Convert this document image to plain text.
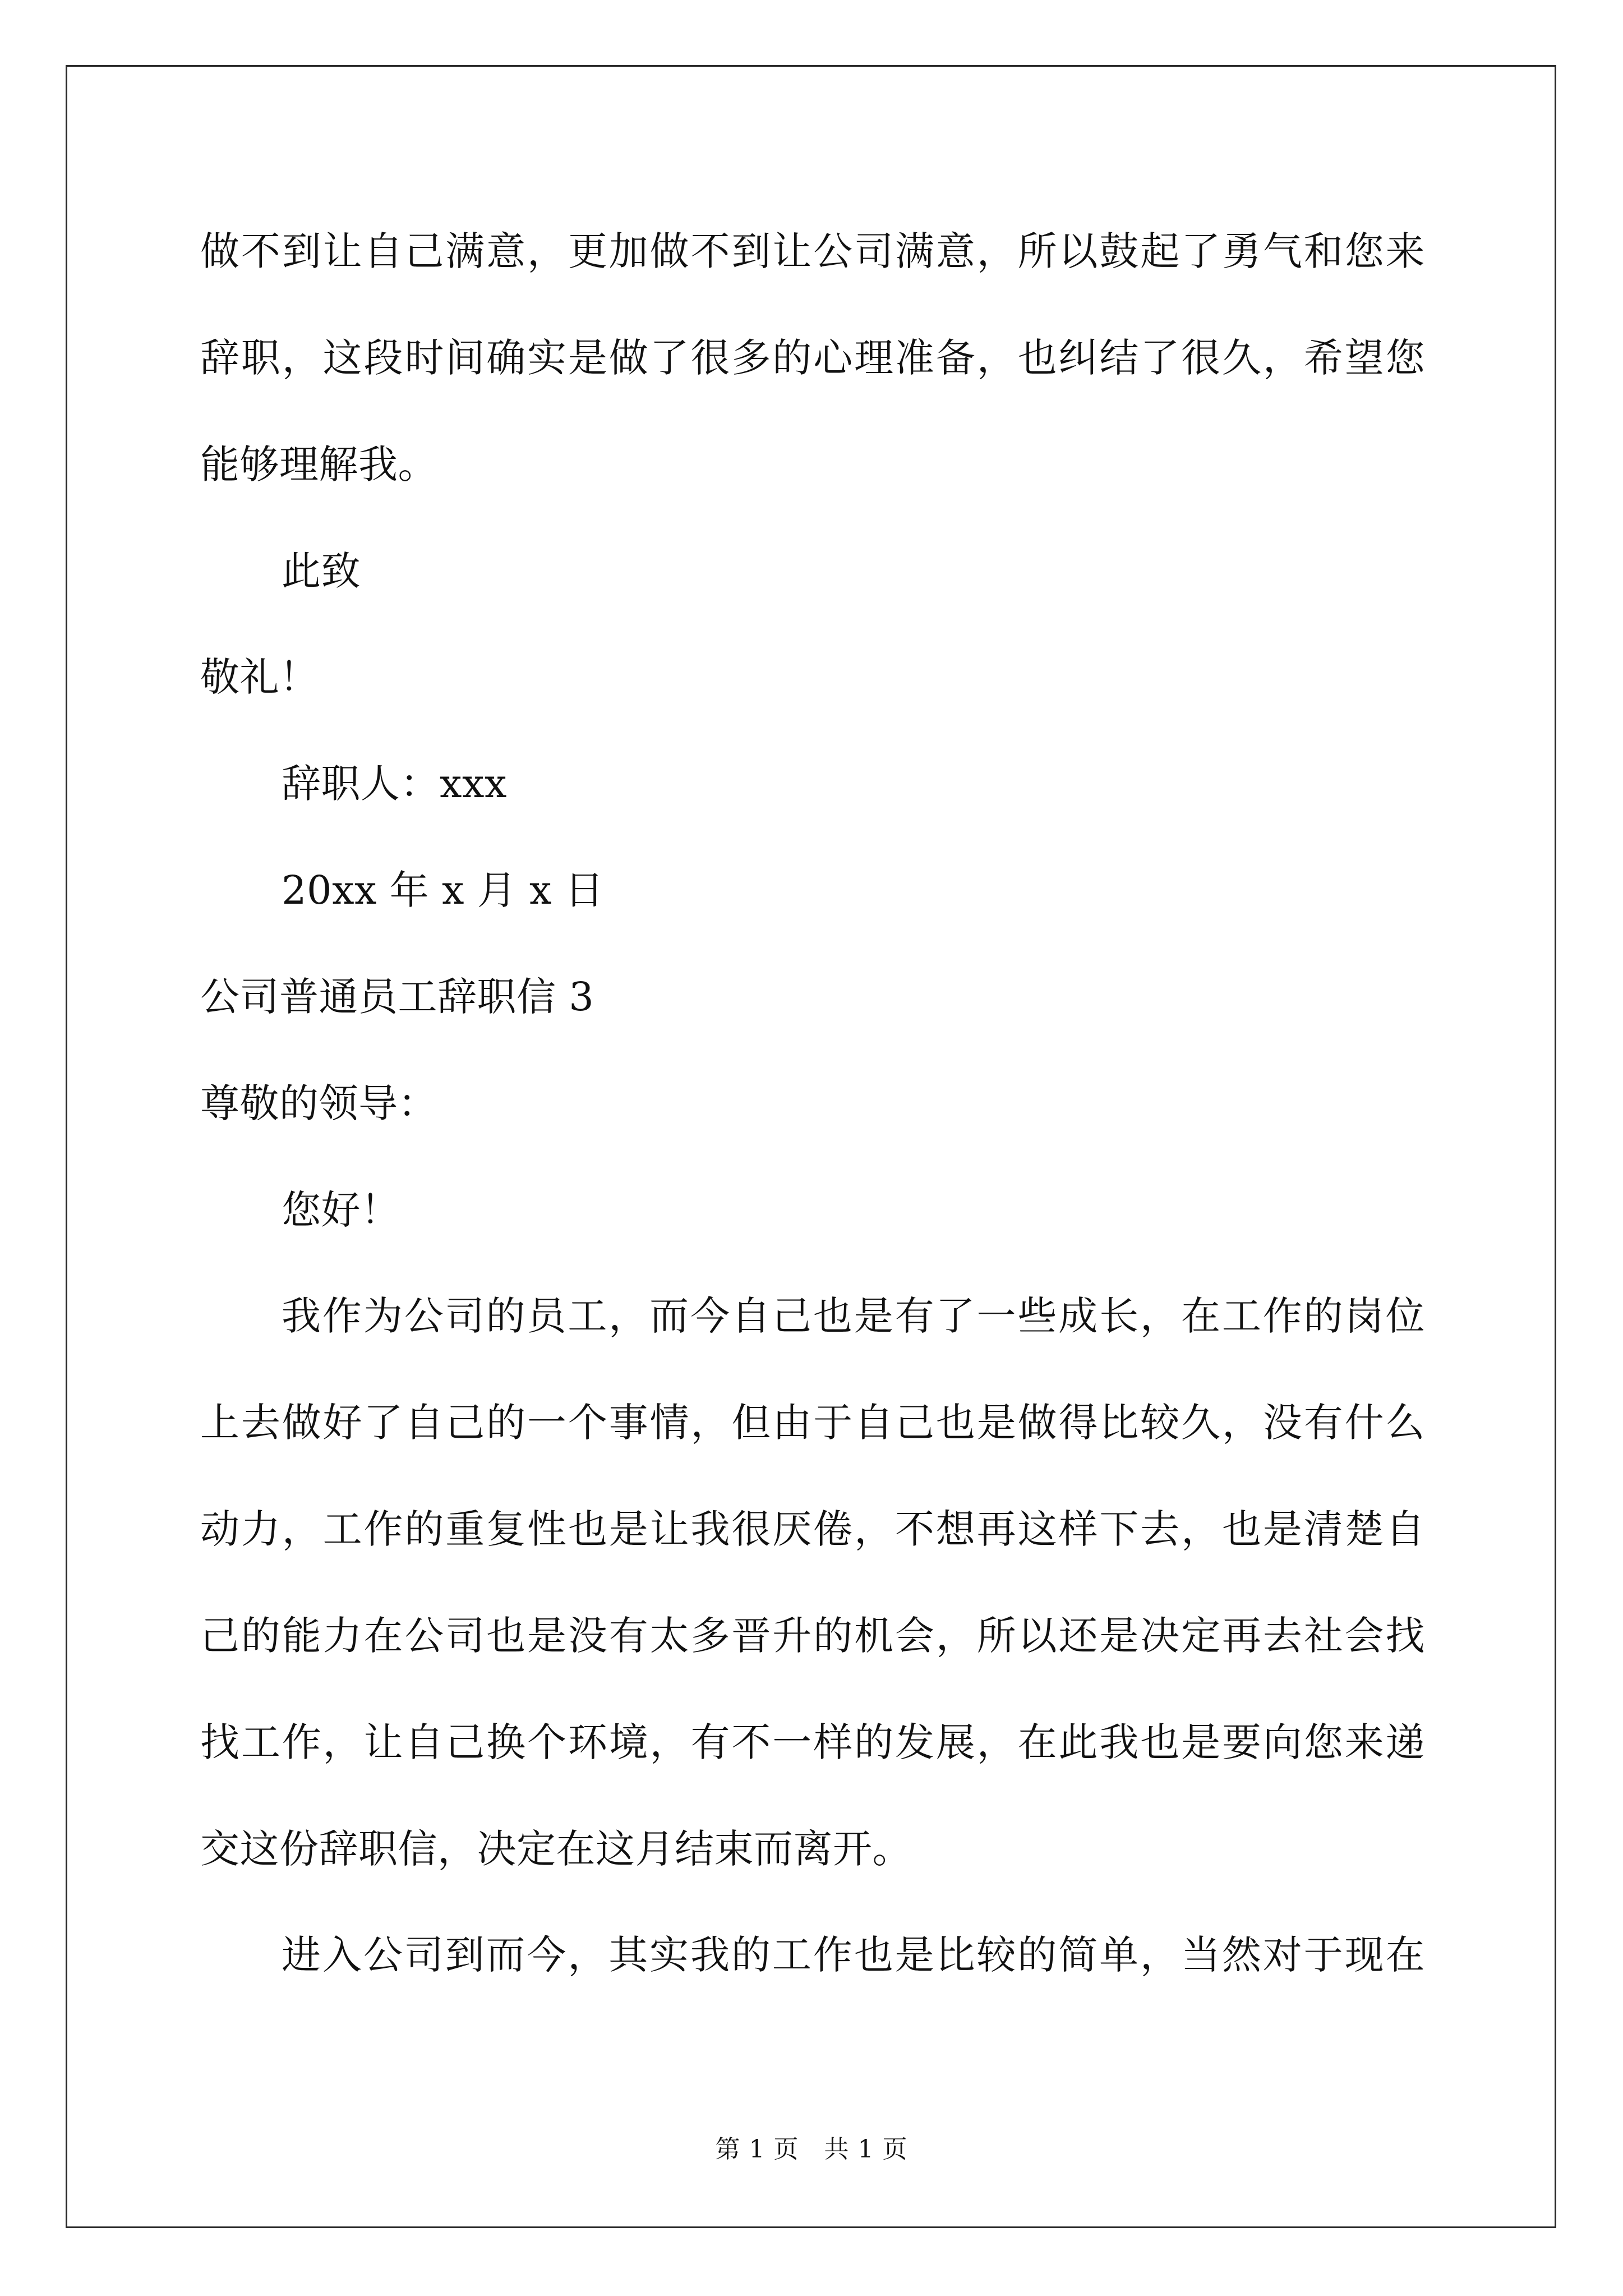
做不到让自己满意，更加做不到让公司满意，所以鼓起了勇气和您来
辞职，这段时间确实是做了很多的心理准备，也纠结了很久，希望您
能够理解我。
此致
敬礼！
辞职人：xxx
20xx 年 x 月 x 日
公司普通员工辞职信 3
尊敬的领导：
您好！
我作为公司的员工，而今自己也是有了一些成长，在工作的岗位
上去做好了自己的一个事情，但由于自己也是做得比较久，没有什么
动力，工作的重复性也是让我很厌倦，不想再这样下去，也是清楚自
己的能力在公司也是没有太多晋升的机会，所以还是决定再去社会找
找工作，让自己换个环境，有不一样的发展，在此我也是要向您来递
交这份辞职信，决定在这月结束而离开。
进入公司到而今，其实我的工作也是比较的简单，当然对于现在
第 1 页　共 1 页
